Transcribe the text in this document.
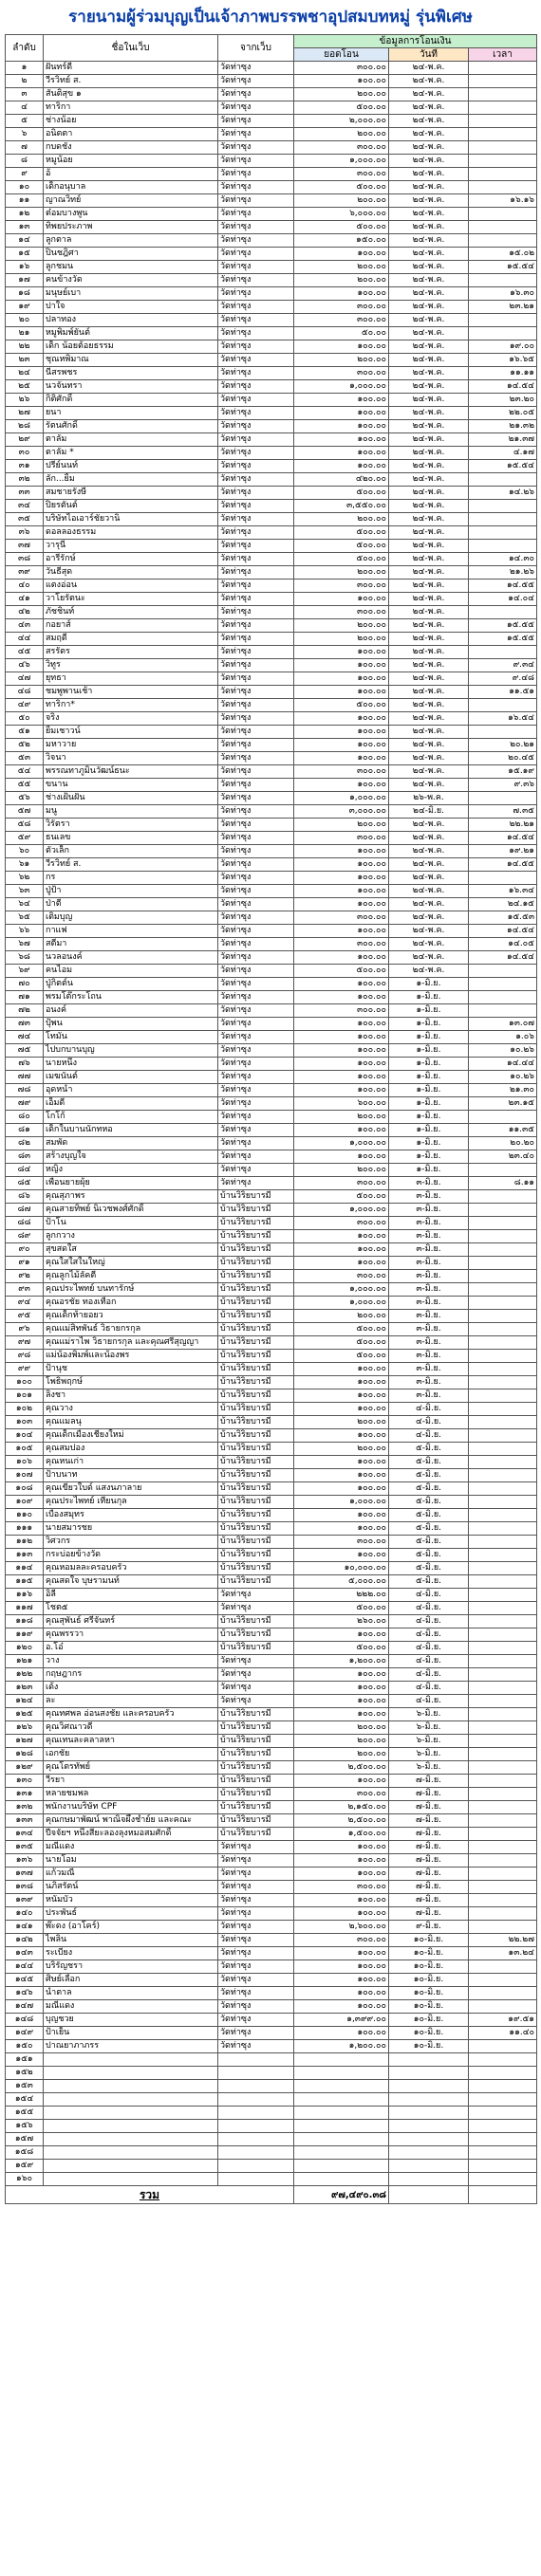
รายนามผู้ร่วมบุญเป็นเจ้าภาพบรรพชาอุปสมบทหมู่ รุ่นพิเศษ
ลำดับ	ชื่อในเว็บ	จากเว็บ	ข้อมูลการโอนเงิน		
			ยอดโอน	วันที่	เวลา
๑	ฝันทร์ดี	วัดท่าซุง	๓๐๐.๐๐	๒๔-พ.ค.	
๒	วีรวิทย์ ส.	วัดท่าซุง	๑๐๐.๐๐	๒๔-พ.ค.	
๓	สันติสุข ๑	วัดท่าซุง	๒๐๐.๐๐	๒๔-พ.ค.	
๔	ทาริกา	วัดท่าซุง	๕๐๐.๐๐	๒๔-พ.ค.	
๕	ช่างน้อย	วัดท่าซุง	๒,๐๐๐.๐๐	๒๔-พ.ค.	
๖	อนิตตา	วัดท่าซุง	๒๐๐.๐๐	๒๔-พ.ค.	
๗	กบดชัง	วัดท่าซุง	๓๐๐.๐๐	๒๔-พ.ค.	
๘	หมูน้อย	วัดท่าซุง	๑,๐๐๐.๐๐	๒๔-พ.ค.	
๙	อ้	วัดท่าซุง	๓๐๐.๐๐	๒๔-พ.ค.	
๑๐	เด็กอนุบาล	วัดท่าซุง	๕๐๐.๐๐	๒๔-พ.ค.	
๑๑	ญาณวิทย์	วัดท่าซุง	๒๐๐.๐๐	๒๔-พ.ค.	๑๖.๑๖
๑๒	ต๋อมบางพูน	วัดท่าซุง	๖,๐๐๐.๐๐	๒๔-พ.ค.	
๑๓	ทิพยประภาพ	วัดท่าซุง	๕๐๐.๐๐	๒๔-พ.ค.	
๑๔	ลูกตาล	วัดท่าซุง	๑๕๐.๐๐	๒๔-พ.ค.	
๑๕	ปิ่นชฎิศา	วัดท่าซุง	๑๐๐.๐๐	๒๔-พ.ค.	๑๕.๐๒
๑๖	ลูกชมน	วัดท่าซุง	๒๐๐.๐๐	๒๔-พ.ค.	๑๕.๕๔
๑๗	คนข้างวัด	วัดท่าซุง	๒๐๐.๐๐	๒๔-พ.ค.	
๑๘	มนุษย์เบา	วัดท่าซุง	๑๐๐.๐๐	๒๔-พ.ค.	๑๖.๓๐
๑๙	ปาใจ	วัดท่าซุง	๓๐๐.๐๐	๒๔-พ.ค.	๒๓.๒๑
๒๐	ปลาทอง	วัดท่าซุง	๓๐๐.๐๐	๒๔-พ.ค.	
๒๑	หมูพิมพ์ยันต์	วัดท่าซุง	๕๐.๐๐	๒๔-พ.ค.	
๒๒	เด็ก น้อยต้อยธรรม	วัดท่าซุง	๑๐๐.๐๐	๒๔-พ.ค.	๑๙.๐๐
๒๓	ชุณหพิมาณ	วัดท่าซุง	๒๐๐.๐๐	๒๔-พ.ค.	๑๖.๖๕
๒๔	นีสรพชร	วัดท่าซุง	๓๐๐.๐๐	๒๔-พ.ค.	๑๑.๑๑
๒๕	นวจันทรา	วัดท่าซุง	๑,๐๐๐.๐๐	๒๔-พ.ค.	๑๔.๕๔
๒๖	กิติศักดิ์	วัดท่าซุง	๑๐๐.๐๐	๒๔-พ.ค.	๒๓.๒๐
๒๗	ยนา	วัดท่าซุง	๑๐๐.๐๐	๒๔-พ.ค.	๒๒.๐๕
๒๘	รัตนศักดิ์	วัดท่าซุง	๑๐๐.๐๐	๒๔-พ.ค.	๒๑.๓๒
๒๙	ตาลัม	วัดท่าซุง	๑๐๐.๐๐	๒๔-พ.ค.	๒๑.๓๗
๓๐	ตาลัม *	วัดท่าซุง	๑๐๐.๐๐	๒๔-พ.ค.	๔.๑๗
๓๑	ปรีย์นนท์	วัดท่าซุง	๑๐๐.๐๐	๒๔-พ.ค.	๑๕.๕๔
๓๒	ลัก...ยิ้ม	วัดท่าซุง	๔๒๐.๐๐	๒๔-พ.ค.	
๓๓	สมชายรังษี	วัดท่าซุง	๕๐๐.๐๐	๒๔-พ.ค.	๑๔.๒๖
๓๔	ปิยรตันต์	วัดท่าซุง	๓,๕๕๐.๐๐	๒๔-พ.ค.	
๓๕	บริษัทไอเอาร์ชัยวานิ	วัดท่าซุง	๒๐๐.๐๐	๒๔-พ.ค.	
๓๖	ดอลลองธรรม	วัดท่าซุง	๕๐๐.๐๐	๒๔-พ.ค.	
๓๗	วารุนี	วัดท่าซุง	๕๐๐.๐๐	๒๔-พ.ค.	
๓๘	อารีรักษ์	วัดท่าซุง	๕๐๐.๐๐	๒๔-พ.ค.	๑๔.๓๐
๓๙	วันธีสุด	วัดท่าซุง	๒๐๐.๐๐	๒๔-พ.ค.	๒๑.๒๖
๔๐	แตงอ่อน	วัดท่าซุง	๓๐๐.๐๐	๒๔-พ.ค.	๑๔.๕๕
๔๑	วาโยรัตนะ	วัดท่าซุง	๑๐๐.๐๐	๒๔-พ.ค.	๑๔.๐๔
๔๒	ภัชชินท์	วัดท่าซุง	๓๐๐.๐๐	๒๔-พ.ค.	
๔๓	กอยาส์	วัดท่าซุง	๒๐๐.๐๐	๒๔-พ.ค.	๑๕.๕๕
๔๔	สมฤดี	วัดท่าซุง	๒๐๐.๐๐	๒๔-พ.ค.	๑๕.๕๕
๔๕	สรรัตร	วัดท่าซุง	๑๐๐.๐๐	๒๔-พ.ค.	
๔๖	วิทูร	วัดท่าซุง	๑๐๐.๐๐	๒๔-พ.ค.	๙.๓๔
๔๗	ยุทธา	วัดท่าซุง	๑๐๐.๐๐	๒๔-พ.ค.	๙.๔๘
๔๘	ชมพูพานเช้า	วัดท่าซุง	๑๐๐.๐๐	๒๔-พ.ค.	๑๑.๕๑
๔๙	ทาริกา*	วัดท่าซุง	๕๐๐.๐๐	๒๔-พ.ค.	
๕๐	จริง	วัดท่าซุง	๑๐๐.๐๐	๒๔-พ.ค.	๑๖.๕๔
๕๑	ยิ้มเชาวน์	วัดท่าซุง	๑๐๐.๐๐	๒๔-พ.ค.	
๕๒	มหาวาย	วัดท่าซุง	๑๐๐.๐๐	๒๔-พ.ค.	๒๐.๒๑
๕๓	วิจนา	วัดท่าซุง	๑๐๐.๐๐	๒๔-พ.ค.	๒๐.๔๕
๕๔	พรรณทาภูมินวัฒน์ธนะ	วัดท่าซุง	๓๐๐.๐๐	๒๔-พ.ค.	๑๕.๑๙
๕๕	ขนาน	วัดท่าซุง	๑๐๐.๐๐	๒๔-พ.ค.	๙.๓๖
๕๖	ช่างเฝ้นฝัน	วัดท่าซุง	๑,๐๐๐.๐๐	๒๖-พ.ค.	
๕๗	มนู	วัดท่าซุง	๓,๐๐๐.๐๐	๒๔-มิ.ย.	๗.๓๕
๕๘	วิรัตรา	วัดท่าซุง	๒๐๐.๐๐	๒๔-พ.ค.	๒๒.๒๑
๕๙	ธนเลข	วัดท่าซุง	๓๐๐.๐๐	๒๔-พ.ค.	๑๔.๕๔
๖๐	ตัวเล็ก	วัดท่าซุง	๑๐๐.๐๐	๒๔-พ.ค.	๑๙.๒๑
๖๑	วีรวิทย์ ส.	วัดท่าซุง	๑๐๐.๐๐	๒๔-พ.ค.	๑๔.๕๕
๖๒	กร	วัดท่าซุง	๑๐๐.๐๐	๒๔-พ.ค.	
๖๓	ปู่ป้า	วัดท่าซุง	๑๐๐.๐๐	๒๔-พ.ค.	๑๖.๓๔
๖๔	ป่าตี	วัดท่าซุง	๑๐๐.๐๐	๒๔-พ.ค.	๒๔.๑๕
๖๕	เติมบุญ	วัดท่าซุง	๓๐๐.๐๐	๒๔-พ.ค.	๑๕.๕๓
๖๖	กาแฟ	วัดท่าซุง	๑๐๐.๐๐	๒๔-พ.ค.	๑๔.๕๔
๖๗	สตีมา	วัดท่าซุง	๓๐๐.๐๐	๒๔-พ.ค.	๑๔.๐๕
๖๘	นวลอนงค์	วัดท่าซุง	๑๐๐.๐๐	๒๔-พ.ค.	๑๔.๕๔
๖๙	คนไอม	วัดท่าซุง	๕๐๐.๐๐	๒๔-พ.ค.	
๗๐	ปู่กิตต์น	วัดท่าซุง	๑๐๐.๐๐	๑-มิ.ย.	
๗๑	พรมโต๊กระโถน	วัดท่าซุง	๑๐๐.๐๐	๑-มิ.ย.	
๗๒	อนงค์	วัดท่าซุง	๓๐๐.๐๐	๑-มิ.ย.	
๗๓	ปุ้พน	วัดท่าซุง	๑๐๐.๐๐	๑-มิ.ย.	๑๓.๐๗
๗๔	โทมัน	วัดท่าซุง	๑๐๐.๐๐	๑-มิ.ย.	๑.๐๖
๗๕	ไปบกบานบุญ	วัดท่าซุง	๑๐๐.๐๐	๑-มิ.ย.	๑๐.๒๖
๗๖	นายหนึ่ง	วัดท่าซุง	๑๐๐.๐๐	๑-มิ.ย.	๑๔.๔๔
๗๗	เมฆนันต์	วัดท่าซุง	๑๐๐.๐๐	๑-มิ.ย.	๑๐.๒๖
๗๘	อุดหนำ	วัดท่าซุง	๑๐๐.๐๐	๑-มิ.ย.	๒๑.๓๐
๗๙	เอ็มดี	วัดท่าซุง	๖๐๐.๐๐	๑-มิ.ย.	๒๓.๑๕
๘๐	โกโก้	วัดท่าซุง	๒๐๐.๐๐	๑-มิ.ย.	
๘๑	เด็กในบานนักทหอ	วัดท่าซุง	๑๐๐.๐๐	๑-มิ.ย.	๑๑.๓๕
๘๒	สมพัด	วัดท่าซุง	๑,๐๐๐.๐๐	๑-มิ.ย.	๒๐.๒๐
๘๓	สร้างบุญใจ	วัดท่าซุง	๑๐๐.๐๐	๑-มิ.ย.	๒๓.๔๐
๘๔	หญิง	วัดท่าซุง	๒๐๐.๐๐	๑-มิ.ย.	
๘๕	เพื่อนยายผุ้ย	วัดท่าซุง	๓๐๐.๐๐	๓-มิ.ย.	๘.๑๑
๘๖	คุณสุภาพร	บ้านวิริยบารมี	๕๐๐.๐๐	๓-มิ.ย.	
๘๗	คุณสายทิพย์ นิเวชพงศ์ศักดิ์	บ้านวิริยบารมี	๑,๐๐๐.๐๐	๓-มิ.ย.	
๘๘	ป้าโน	บ้านวิริยบารมี	๓๐๐.๐๐	๓-มิ.ย.	
๘๙	ลูกกวาง	บ้านวิริยบารมี	๑๐๐.๐๐	๓-มิ.ย.	
๙๐	สุขสดใส	บ้านวิริยบารมี	๑๐๐.๐๐	๓-มิ.ย.	
๙๑	คุณใสใสในใหญ่	บ้านวิริยบารมี	๑๐๐.๐๐	๓-มิ.ย.	
๙๒	คุณลูกไม้ลัคตี	บ้านวิริยบารมี	๓๐๐.๐๐	๓-มิ.ย.	
๙๓	คุณประไพทย์ บนทารักษ์	บ้านวิริยบารมี	๑,๐๐๐.๐๐	๓-มิ.ย.	
๙๔	คุณอรชัย ทองเทือก	บ้านวิริยบารมี	๑,๐๐๐.๐๐	๓-มิ.ย.	
๙๕	คุณเด็กท้ายอยว	บ้านวิริยบารมี	๒๐๐.๐๐	๓-มิ.ย.	
๙๖	คุณแม่สิทพันธ์ วิธายกรกุล	บ้านวิริยบารมี	๕๐๐.๐๐	๓-มิ.ย.	
๙๗	คุณแม่ราไพ วิธายกรกุล และคุณศรีสุญญา	บ้านวิริยบารมี	๕๐๐.๐๐	๓-มิ.ย.	
๙๘	แม่น้องพิมพ์และน้องพร	บ้านวิริยบารมี	๕๐๐.๐๐	๓-มิ.ย.	
๙๙	ป้านุช	บ้านวิริยบารมี	๑๐๐.๐๐	๓-มิ.ย.	
๑๐๐	โพธิพฤกษ์	บ้านวิริยบารมี	๑๐๐.๐๐	๓-มิ.ย.	
๑๐๑	ลิงชา	บ้านวิริยบารมี	๑๐๐.๐๐	๓-มิ.ย.	
๑๐๒	คุณวาง	บ้านวิริยบารมี	๑๐๐.๐๐	๔-มิ.ย.	
๑๐๓	คุณแมลนุ	บ้านวิริยบารมี	๒๐๐.๐๐	๔-มิ.ย.	
๑๐๔	คุณเด็กเมืองเชียงใหม่	บ้านวิริยบารมี	๑๐๐.๐๐	๔-มิ.ย.	
๑๐๕	คุณสมปอง	บ้านวิริยบารมี	๒๐๐.๐๐	๕-มิ.ย.	
๑๐๖	คุณหนเก่า	บ้านวิริยบารมี	๑๐๐.๐๐	๕-มิ.ย.	
๑๐๗	ป้าบนาท	บ้านวิริยบารมี	๑๐๐.๐๐	๕-มิ.ย.	
๑๐๘	คุณเขียวใบด์ แสงนภาลาย	บ้านวิริยบารมี	๑๐๐.๐๐	๕-มิ.ย.	
๑๐๙	คุณประไพทย์ เทียนกุล	บ้านวิริยบารมี	๑,๐๐๐.๐๐	๕-มิ.ย.	
๑๑๐	เบืองสมุทร	บ้านวิริยบารมี	๑๐๐.๐๐	๕-มิ.ย.	
๑๑๑	นายสมารชย	บ้านวิริยบารมี	๑๐๐.๐๐	๕-มิ.ย.	
๑๑๒	วิศวกร	บ้านวิริยบารมี	๓๐๐.๐๐	๕-มิ.ย.	
๑๑๓	กระบ่อยข้างวัด	บ้านวิริยบารมี	๑๐๐.๐๐	๕-มิ.ย.	
๑๑๔	คุณหอมลละครอบครัว	บ้านวิริยบารมี	๑๐,๐๐๐.๐๐	๕-มิ.ย.	
๑๑๕	คุณสดใจ บุษรามนท์	บ้านวิริยบารมี	๕,๐๐๐.๐๐	๕-มิ.ย.	
๑๑๖	อิลี	วัดท่าซุง	๒๒๒.๐๐	๔-มิ.ย.	
๑๑๗	โชต๕	วัดท่าซุง	๕๐๐.๐๐	๔-มิ.ย.	
๑๑๘	คุณสุพันธ์ ศรีจันทร์	บ้านวิริยบารมี	๒๖๐.๐๐	๔-มิ.ย.	
๑๑๙	คุณพรรวา	บ้านวิริยบารมี	๑๐๐.๐๐	๔-มิ.ย.	
๑๒๐	อ.โอ๋	บ้านวิริยบารมี	๕๐๐.๐๐	๔-มิ.ย.	
๑๒๑	วาง	วัดท่าซุง	๑,๒๐๐.๐๐	๔-มิ.ย.	
๑๒๒	กฤษฎากร	วัดท่าซุง	๑๐๐.๐๐	๔-มิ.ย.	
๑๒๓	เด้ง	วัดท่าซุง	๑๐๐.๐๐	๔-มิ.ย.	
๑๒๔	ละ	วัดท่าซุง	๑๐๐.๐๐	๔-มิ.ย.	
๑๒๕	คุณทศพล อ่อนสงชัย และครอบครัว	บ้านวิริยบารมี	๑๐๐.๐๐	๖-มิ.ย.	
๑๒๖	คุณวิศณาวดี	บ้านวิริยบารมี	๒๐๐.๐๐	๖-มิ.ย.	
๑๒๗	คุณเทนละคลาลหา	บ้านวิริยบารมี	๒๐๐.๐๐	๖-มิ.ย.	
๑๒๘	เอกชัย	บ้านวิริยบารมี	๒๐๐.๐๐	๖-มิ.ย.	
๑๒๙	คุณโตรทัพย์	บ้านวิริยบารมี	๒,๕๐๐.๐๐	๖-มิ.ย.	
๑๓๐	วีรยา	บ้านวิริยบารมี	๑๐๐.๐๐	๗-มิ.ย.	
๑๓๑	หลายชมพล	บ้านวิริยบารมี	๓๐๐.๐๐	๗-มิ.ย.	
๑๓๒	พนักงานบริษัท CPF	บ้านวิริยบารมี	๒,๑๕๐.๐๐	๗-มิ.ย.	
๑๓๓	คุณกษมาพัฒน์ พาณิจผึ้งชำย์ย และคณะ	บ้านวิริยบารมี	๒,๕๐๐.๐๐	๗-มิ.ย.	
๑๓๔	ปีจจัยฯ หนึ่งสี่ยะลองลุงหมอสมศักดิ์	บ้านวิริยบารมี	๑,๕๐๐.๐๐	๗-มิ.ย.	
๑๓๕	มณีแดง	วัดท่าซุง	๑๐๐.๐๐	๗-มิ.ย.	
๑๓๖	นายโอม	วัดท่าซุง	๑๐๐.๐๐	๗-มิ.ย.	
๑๓๗	แก้วมณี	วัดท่าซุง	๑๐๐.๐๐	๗-มิ.ย.	
๑๓๘	นภิสรัตน์	วัดท่าซุง	๓๐๐.๐๐	๗-มิ.ย.	
๑๓๙	หนัมบัว	วัดท่าซุง	๑๐๐.๐๐	๗-มิ.ย.	
๑๔๐	ประพันธ์	วัดท่าซุง	๑๐๐.๐๐	๗-มิ.ย.	
๑๔๑	พ๊ะดง (อาโคร์)	วัดท่าซุง	๒,๖๐๐.๐๐	๙-มิ.ย.	
๑๔๒	ไพลิน	วัดท่าซุง	๓๐๐.๐๐	๑๐-มิ.ย.	๒๒.๒๗
๑๔๓	ระเบียง	วัดท่าซุง	๑๐๐.๐๐	๑๐-มิ.ย.	๑๓.๒๔
๑๔๔	บริรัญชรา	วัดท่าซุง	๑๐๐.๐๐	๑๐-มิ.ย.	
๑๔๕	ศิษย์เลือก	วัดท่าซุง	๑๐๐.๐๐	๑๐-มิ.ย.	
๑๔๖	นำตาล	วัดท่าซุง	๑๐๐.๐๐	๑๐-มิ.ย.	
๑๔๗	มณีแดง	วัดท่าซุง	๑๐๐.๐๐	๑๐-มิ.ย.	
๑๔๘	บุญชวย	วัดท่าซุง	๑,๓๙๙.๐๐	๑๐-มิ.ย.	๑๙.๕๑
๑๔๙	ป้าเย็น	วัดท่าซุง	๑๐๐.๐๐	๑๐-มิ.ย.	๑๑.๔๐
๑๕๐	ปาณยาภาภรร	วัดท่าซุง	๑,๒๐๐.๐๐	๑๐-มิ.ย.	
๑๕๑					
๑๕๒					
๑๕๓					
๑๕๔					
๑๕๕					
๑๕๖					
๑๕๗					
๑๕๘					
๑๕๙					
๑๖๐					
รวม			๙๗,๔๙๐.๓๘		
